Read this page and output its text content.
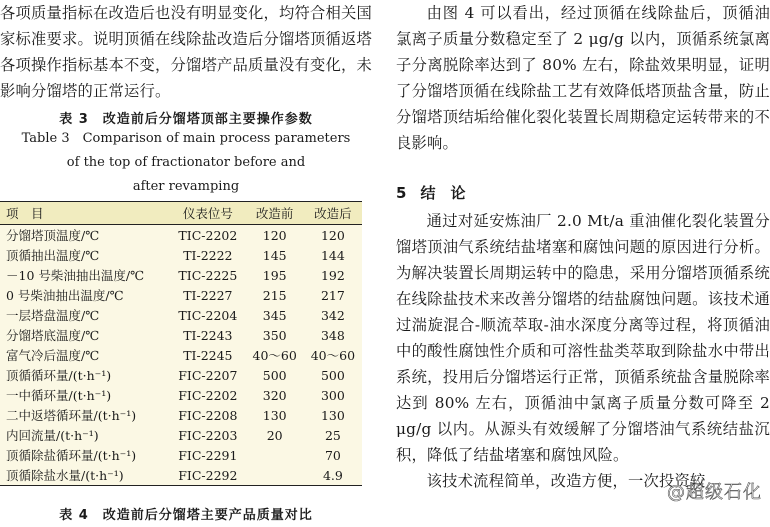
各项质量指标在改造后也没有明显变化，均符合相关国家标准要求。说明顶循在线除盐改造后分馏塔顶循返塔各项操作指标基本不变，分馏塔产品质量没有变化，未影响分馏塔的正常运行。

表 3　改造前后分馏塔顶部主要操作参数
Table 3　Comparison of main process parameters
of the top of fractionator before and
after revamping
项　目	仪表位号	改造前	改造后
分馏塔顶温度/℃	TIC-2202	120	120
顶循抽出温度/℃	TI-2222	145	144
－10 号柴油抽出温度/℃	TIC-2225	195	192
0 号柴油抽出温度/℃	TI-2227	215	217
一层塔盘温度/℃	TIC-2204	345	342
分馏塔底温度/℃	TI-2243	350	348
富气冷后温度/℃	TI-2245	40～60	40～60
顶循循环量/(t·h⁻¹)	FIC-2207	500	500
一中循环量/(t·h⁻¹)	FIC-2202	320	300
二中返塔循环量/(t·h⁻¹)	FIC-2208	130	130
内回流量/(t·h⁻¹)	FIC-2203	20	25
顶循除盐循环量/(t·h⁻¹)	FIC-2291		70
顶循除盐水量/(t·h⁻¹)	FIC-2292		4.9
表 4　改造前后分馏塔主要产品质量对比

由图 4 可以看出，经过顶循在线除盐后，顶循油氯离子质量分数稳定至了 2 μg/g 以内，顶循系统氯离子分离脱除率达到了 80% 左右，除盐效果明显，证明了分馏塔顶循在线除盐工艺有效降低塔顶盐含量，防止分馏塔顶结垢给催化裂化装置长周期稳定运转带来的不良影响。

5 结　论

通过对延安炼油厂 2.0 Mt/a 重油催化裂化装置分馏塔顶油气系统结盐堵塞和腐蚀问题的原因进行分析。为解决装置长周期运转中的隐患，采用分馏塔顶循系统在线除盐技术来改善分馏塔的结盐腐蚀问题。该技术通过湍旋混合-顺流萃取-油水深度分离等过程，将顶循油中的酸性腐蚀性介质和可溶性盐类萃取到除盐水中带出系统，投用后分馏塔运行正常，顶循系统盐含量脱除率达到 80% 左右，顶循油中氯离子质量分数可降至 2 μg/g 以内。从源头有效缓解了分馏塔油气系统结盐沉积，降低了结盐堵塞和腐蚀风险。

该技术流程简单，改造方便，一次投资较

@超级石化
